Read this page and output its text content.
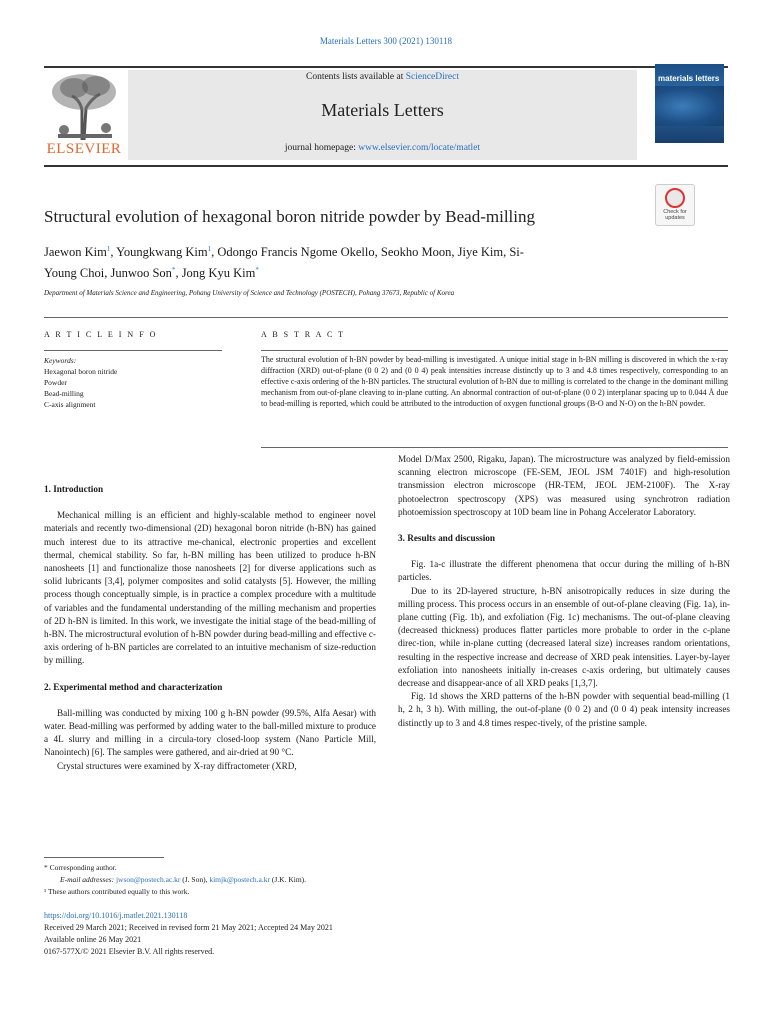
Materials Letters 300 (2021) 130118
ELSEVIER
Contents lists available at ScienceDirect
Materials Letters
journal homepage: www.elsevier.com/locate/matlet
materials letters
Structural evolution of hexagonal boron nitride powder by Bead-milling	Check for updates
Jaewon Kim$^1$, Youngkwang Kim$^1$, Odongo Francis Ngome Okello, Seokho Moon, Jiye Kim, Si-
Young Choi, Junwoo Son*, Jong Kyu Kim*
Department of Materials Science and Engineering, Pohang University of Science and Technology (POSTECH), Pohang 37673, Republic of Korea
A R T I C L E I N F O	A B S T R A C T
Keywords:
Hexagonal boron nitride
Powder
Bead-milling
C-axis alignment
The structural evolution of h-BN powder by bead-milling is investigated. A unique initial stage in h-BN milling is discovered in which the x-ray diffraction (XRD) out-of-plane (0 0 2) and (0 0 4) peak intensities increase distinctly up to 3 and 4.8 times respectively, corresponding to an effective c-axis ordering of the h-BN particles. The structural evolution of h-BN due to milling is correlated to the change in the dominant milling mechanism from out-of-plane cleaving to in-plane cutting. An abnormal contraction of out-of-plane (0 0 2) interplanar spacing up to 0.044 Å due to bead-milling is reported, which could be attributed to the introduction of oxygen functional groups (B-O and N-O) on the h-BN powder.
1. Introduction

Mechanical milling is an efficient and highly-scalable method to engineer novel materials and recently two-dimensional (2D) hexagonal boron nitride (h-BN) has gained much interest due to its attractive me-chanical, electronic properties and excellent thermal, chemical stability. So far, h-BN milling has been utilized to produce h-BN nanosheets [1] and functionalize those nanosheets [2] for diverse applications such as solid lubricants [3,4], polymer composites and solid catalysts [5]. However, the milling process though conceptually simple, is in practice a complex procedure with a multitude of variables and the fundamental understanding of the milling mechanism and properties of 2D h-BN is limited. In this work, we investigate the initial stage of the bead-milling of h-BN. The microstructural evolution of h-BN powder during bead-milling and effective c-axis ordering of h-BN particles are correlated to an intuitive mechanism of size-reduction by milling.

2. Experimental method and characterization

Ball-milling was conducted by mixing 100 g h-BN powder (99.5%, Alfa Aesar) with water. Bead-milling was performed by adding water to the ball-milled mixture to produce a 4L slurry and milling in a circula-tory closed-loop system (Nano Particle Mill, Nanointech) [6]. The samples were gathered, and air-dried at 90 °C.

Crystal structures were examined by X-ray diffractometer (XRD,

Model D/Max 2500, Rigaku, Japan). The microstructure was analyzed by field-emission scanning electron microscope (FE-SEM, JEOL JSM 7401F) and high-resolution transmission electron microscope (HR-TEM, JEOL JEM-2100F). The X-ray photoelectron spectroscopy (XPS) was measured using synchrotron radiation photoemission spectroscopy at 10D beam line in Pohang Accelerator Laboratory.

3. Results and discussion

Fig. 1a-c illustrate the different phenomena that occur during the milling of h-BN particles.

Due to its 2D-layered structure, h-BN anisotropically reduces in size during the milling process. This process occurs in an ensemble of out-of-plane cleaving (Fig. 1a), in-plane cutting (Fig. 1b), and exfoliation (Fig. 1c) mechanisms. The out-of-plane cleaving (decreased thickness) produces flatter particles more probable to order in the c-plane direc-tion, while in-plane cutting (decreased lateral size) increases random orientations, resulting in the respective increase and decrease of XRD peak intensities. Layer-by-layer exfoliation into nanosheets initially in-creases c-axis ordering, but ultimately causes decrease and disappear-ance of all XRD peaks [1,3,7].

Fig. 1d shows the XRD patterns of the h-BN powder with sequential bead-milling (1 h, 2 h, 3 h). With milling, the out-of-plane (0 0 2) and (0 0 4) peak intensity increases distinctly up to 3 and 4.8 times respec-tively, of the pristine sample.

* Corresponding author.
E-mail addresses: jwson@postech.ac.kr (J. Son), kimjk@postech.a.kr (J.K. Kim).
¹ These authors contributed equally to this work.
https://doi.org/10.1016/j.matlet.2021.130118
Received 29 March 2021; Received in revised form 21 May 2021; Accepted 24 May 2021
Available online 26 May 2021
0167-577X/© 2021 Elsevier B.V. All rights reserved.
